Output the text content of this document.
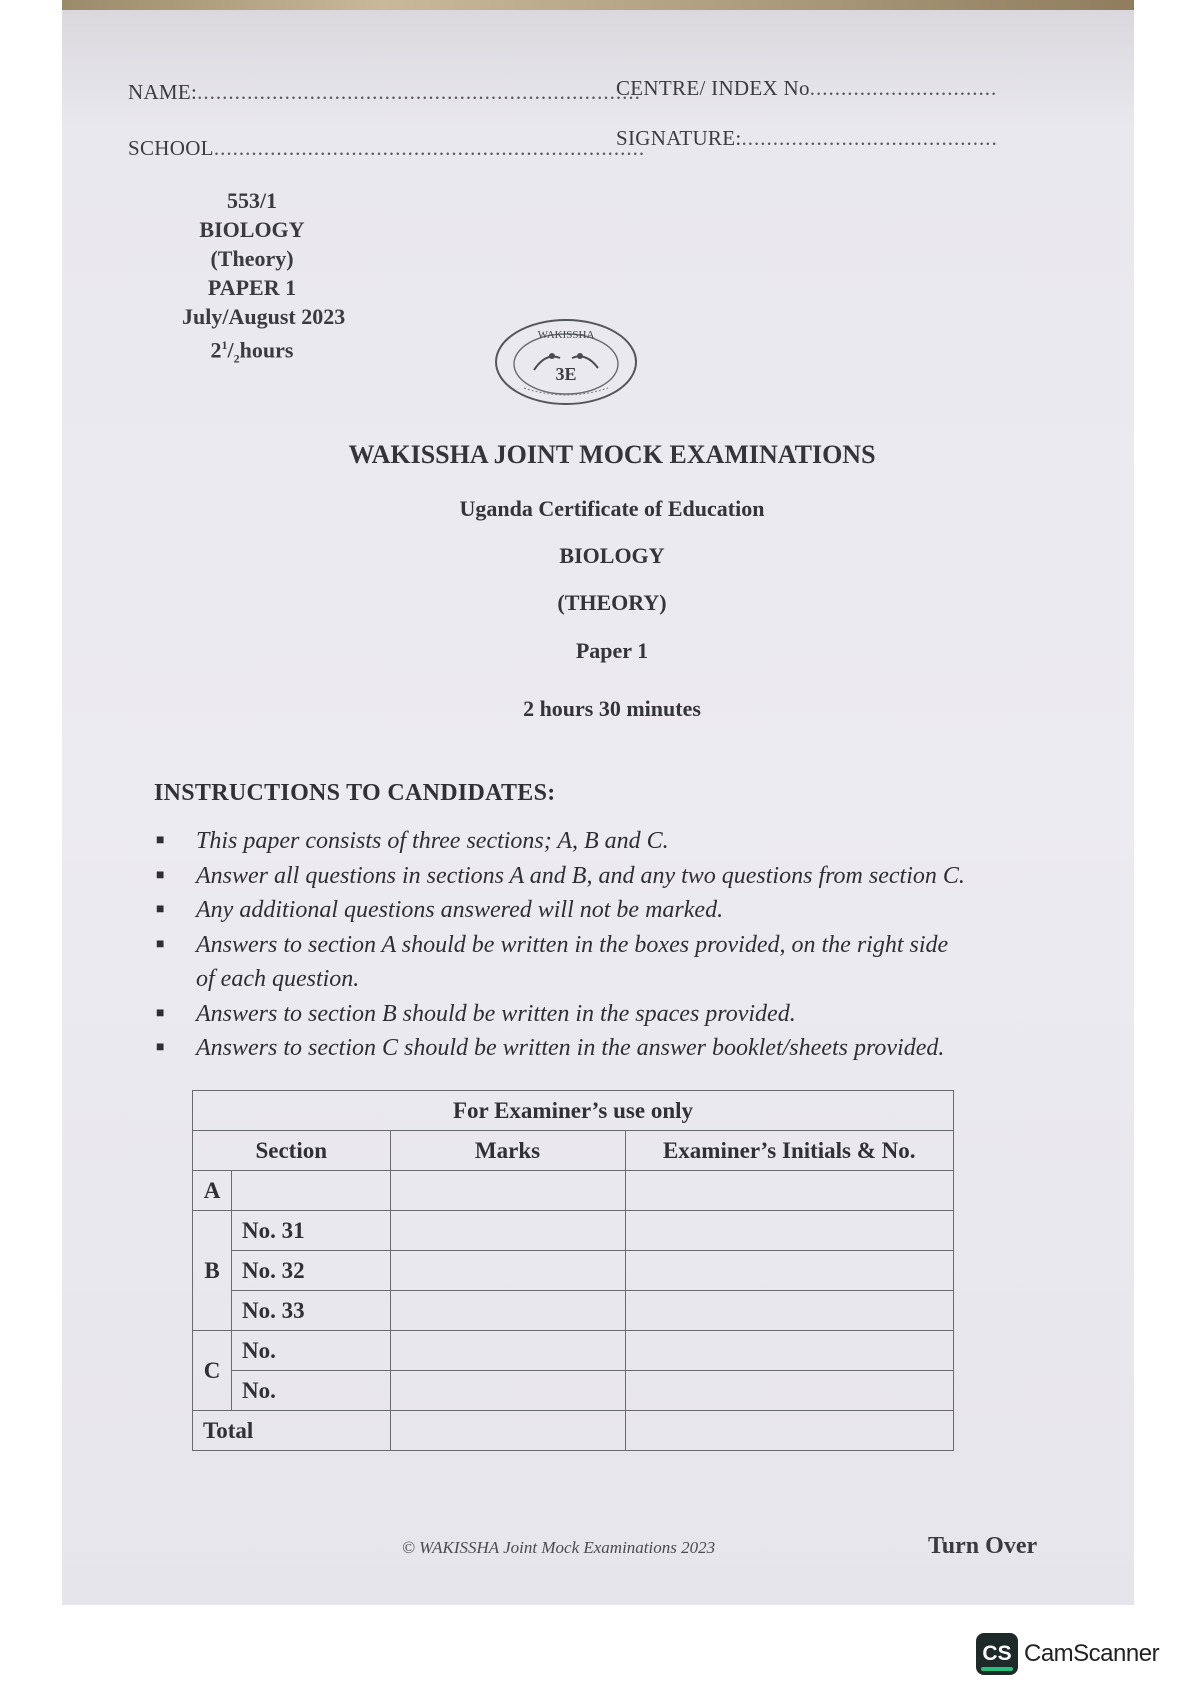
NAME:.......................................................................
SCHOOL.....................................................................
CENTRE/ INDEX No..............................
SIGNATURE:.........................................
553/1
BIOLOGY
(Theory)
PAPER 1
July/August 2023
$2^1/_2hours$
WAKISSHA
3E
WAKISSHA JOINT MOCK EXAMINATIONS
Uganda Certificate of Education
BIOLOGY
(THEORY)
Paper 1
2 hours 30 minutes
INSTRUCTIONS TO CANDIDATES:
■ This paper consists of three sections; A, B and C.
■ Answer all questions in sections A and B, and any two questions from section C.
■ Any additional questions answered will not be marked.
■ Answers to section A should be written in the boxes provided, on the right side
of each question.
■ Answers to section B should be written in the spaces provided.
■ Answers to section C should be written in the answer booklet/sheets provided.
For Examiner’s use only			
Section		Marks	Examiner’s Initials & No.
A			
B	No. 31		
	No. 32		
	No. 33		
C	No.		
	No.		
Total			
© WAKISSHA Joint Mock Examinations 2023	Turn Over
CS CamScanner
